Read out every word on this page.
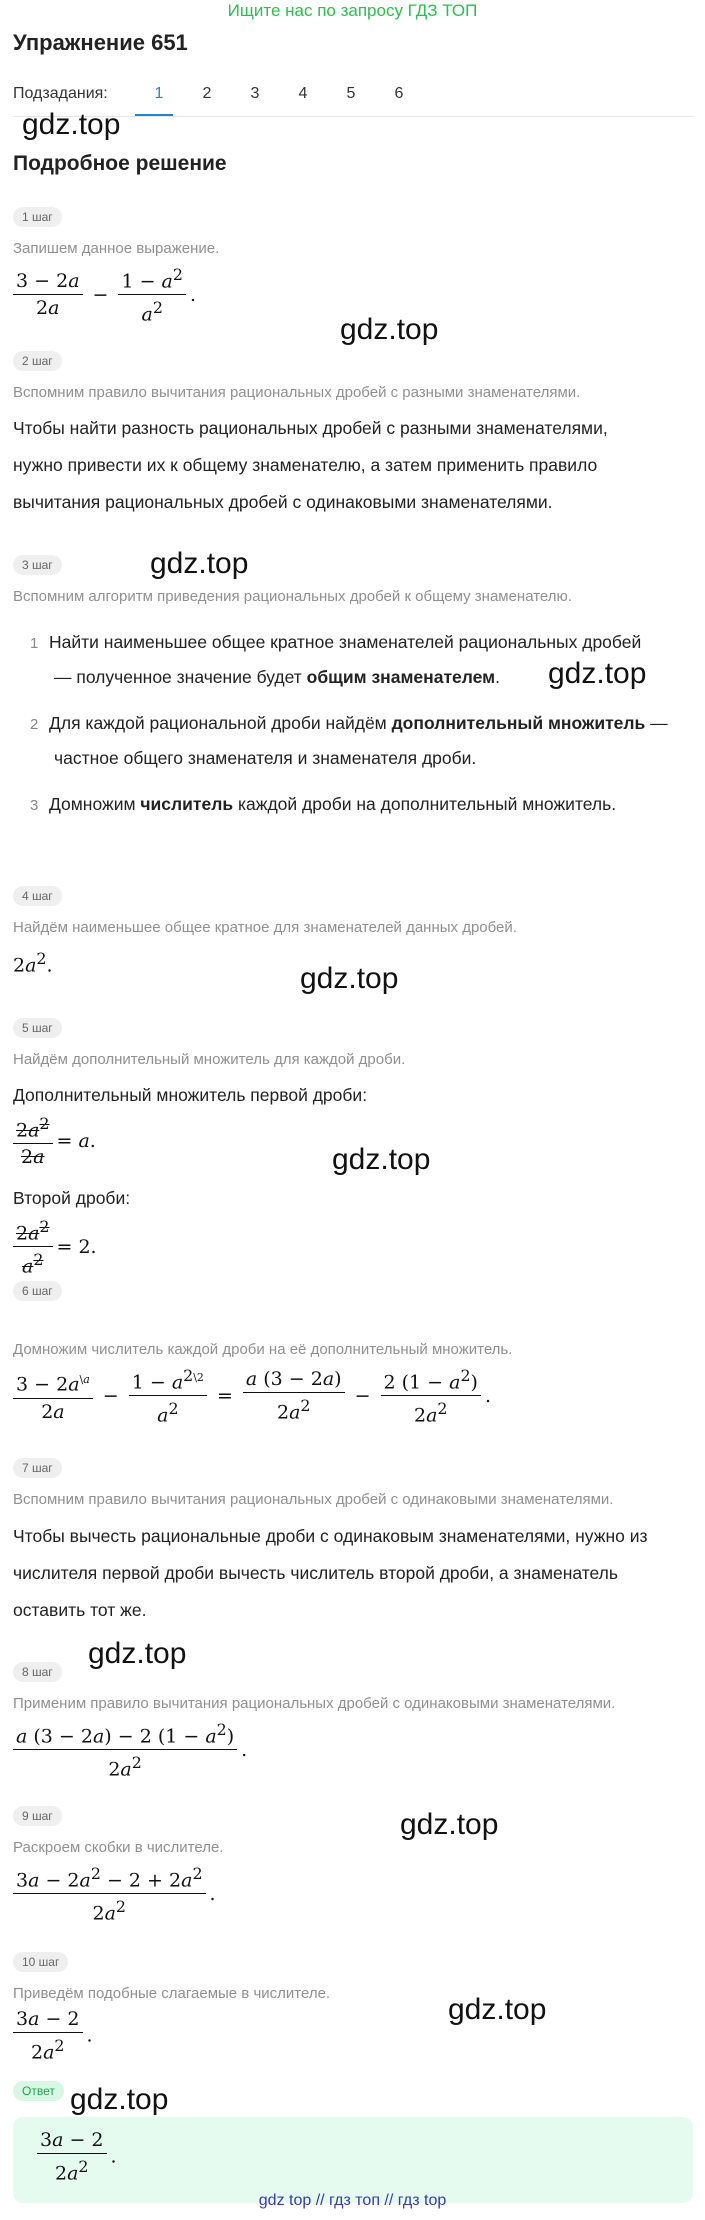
Ищите нас по запросу ГДЗ ТОП
Упражнение 651
Подзадания:	1	2	3	4	5	6
gdz.top
gdz.top
gdz.top
gdz.top
gdz.top
gdz.top
gdz.top
gdz.top
gdz.top
gdz.top
Подробное решение
1 шаг
Запишем данное выражение.
$\frac{3 - 2a}{2a} - \frac{1 - a^2}{a^2}$ .
2 шаг
Вспомним правило вычитания рациональных дробей с разными знаменателями.
Чтобы найти разность рациональных дробей с разными знаменателями,
нужно привести их к общему знаменателю, а затем применить правило
вычитания рациональных дробей с одинаковыми знаменателями.
3 шаг
Вспомним алгоритм приведения рациональных дробей к общему знаменателю.
1 Найти наименьшее общее кратное знаменателей рациональных дробей
— полученное значение будет общим знаменателем.
2 Для каждой рациональной дроби найдём дополнительный множитель —
частное общего знаменателя и знаменателя дроби.
3 Домножим числитель каждой дроби на дополнительный множитель.
4 шаг
Найдём наименьшее общее кратное для знаменателей данных дробей.
$2a^2$.
5 шаг
Найдём дополнительный множитель для каждой дроби.
Дополнительный множитель первой дроби:
$\frac{2a^2}{2a} = a$.
Второй дроби:
$\frac{2a^2}{a^2} = 2$.
6 шаг
Домножим числитель каждой дроби на её дополнительный множитель.
$\frac{3 - 2a^{\backslash a}}{2a} - \frac{1 - a^{2\backslash 2}}{a^2} = \frac{a (3 - 2a)}{2a^2} - \frac{2 (1 - a^2)}{2a^2}$ .
7 шаг
Вспомним правило вычитания рациональных дробей с одинаковыми знаменателями.
Чтобы вычесть рациональные дроби с одинаковым знаменателями, нужно из
числителя первой дроби вычесть числитель второй дроби, а знаменатель
оставить тот же.
8 шаг
Применим правило вычитания рациональных дробей с одинаковыми знаменателями.
$\frac{a (3 - 2a) - 2 (1 - a^2)}{2a^2}$ .
9 шаг
Раскроем скобки в числителе.
$\frac{3a - 2a^2 - 2 + 2a^2}{2a^2}$ .
10 шаг
Приведём подобные слагаемые в числителе.
$\frac{3a - 2}{2a^2}$ .
Ответ
$\frac{3a - 2}{2a^2}$ .
gdz top // гдз топ // гдз top
